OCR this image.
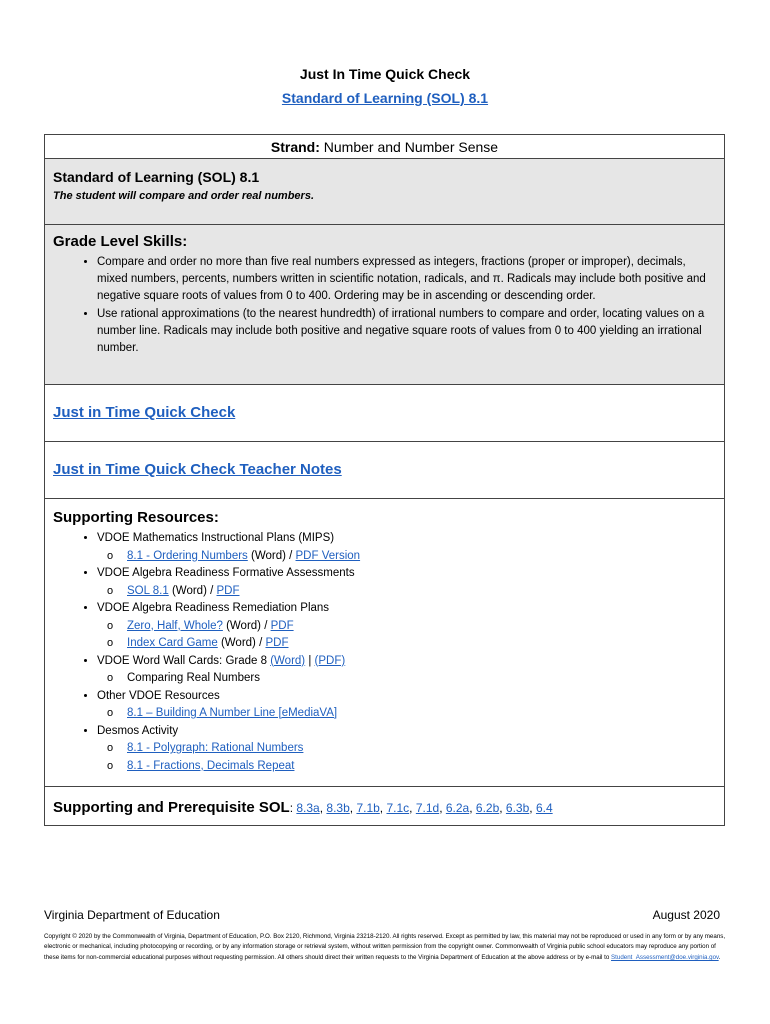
Just In Time Quick Check
Standard of Learning (SOL) 8.1
Strand: Number and Number Sense
Standard of Learning (SOL) 8.1
The student will compare and order real numbers.
Grade Level Skills:
• Compare and order no more than five real numbers expressed as integers, fractions (proper or improper), decimals, mixed numbers, percents, numbers written in scientific notation, radicals, and π. Radicals may include both positive and negative square roots of values from 0 to 400. Ordering may be in ascending or descending order.
• Use rational approximations (to the nearest hundredth) of irrational numbers to compare and order, locating values on a number line. Radicals may include both positive and negative square roots of values from 0 to 400 yielding an irrational number.
Just in Time Quick Check
Just in Time Quick Check Teacher Notes
Supporting Resources:
• VDOE Mathematics Instructional Plans (MIPS)
o 8.1 - Ordering Numbers (Word) / PDF Version
• VDOE Algebra Readiness Formative Assessments
o SOL 8.1 (Word) / PDF
• VDOE Algebra Readiness Remediation Plans
o Zero, Half, Whole? (Word) / PDF
o Index Card Game (Word) / PDF
• VDOE Word Wall Cards: Grade 8 (Word) | (PDF)
o Comparing Real Numbers
• Other VDOE Resources
o 8.1 – Building A Number Line [eMediaVA]
• Desmos Activity
o 8.1 - Polygraph: Rational Numbers
o 8.1 - Fractions, Decimals Repeat
Supporting and Prerequisite SOL: 8.3a, 8.3b, 7.1b, 7.1c, 7.1d, 6.2a, 6.2b, 6.3b, 6.4
Virginia Department of Education	August 2020
Copyright © 2020 by the Commonwealth of Virginia, Department of Education, P.O. Box 2120, Richmond, Virginia 23218-2120. All rights reserved. Except as permitted by law, this material may not be reproduced or used in any form or by any means, electronic or mechanical, including photocopying or recording, or by any information storage or retrieval system, without written permission from the copyright owner. Commonwealth of Virginia public school educators may reproduce any portion of these items for non-commercial educational purposes without requesting permission. All others should direct their written requests to the Virginia Department of Education at the above address or by e-mail to Student_Assessment@doe.virginia.gov.
